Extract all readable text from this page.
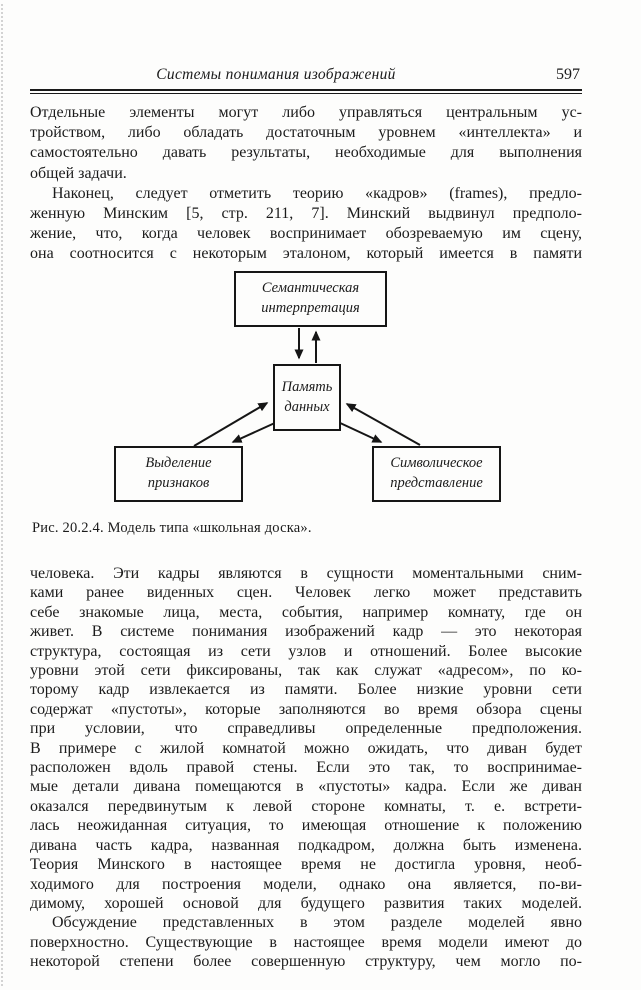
Системы понимания изображений	597
Отдельные элементы могут либо управляться центральным ус-
тройством, либо обладать достаточным уровнем «интеллекта» и
самостоятельно давать результаты, необходимые для выполнения
общей задачи.
Наконец, следует отметить теорию «кадров» (frames), предло-
женную Минским [5, стр. 211, 7]. Минский выдвинул предполо-
жение, что, когда человек воспринимает обозреваемую им сцену,
она соотносится с некоторым эталоном, который имеется в памяти
Семантическая интерпретация
Память данных
Выделение признаков
Символическое представление
Рис. 20.2.4. Модель типа «школьная доска».
человека. Эти кадры являются в сущности моментальными сним-
ками ранее виденных сцен. Человек легко может представить
себе знакомые лица, места, события, например комнату, где он
живет. В системе понимания изображений кадр — это некоторая
структура, состоящая из сети узлов и отношений. Более высокие
уровни этой сети фиксированы, так как служат «адресом», по ко-
торому кадр извлекается из памяти. Более низкие уровни сети
содержат «пустоты», которые заполняются во время обзора сцены
при условии, что справедливы определенные предположения.
В примере с жилой комнатой можно ожидать, что диван будет
расположен вдоль правой стены. Если это так, то воспринимае-
мые детали дивана помещаются в «пустоты» кадра. Если же диван
оказался передвинутым к левой стороне комнаты, т. е. встрети-
лась неожиданная ситуация, то имеющая отношение к положению
дивана часть кадра, названная подкадром, должна быть изменена.
Теория Минского в настоящее время не достигла уровня, необ-
ходимого для построения модели, однако она является, по-ви-
димому, хорошей основой для будущего развития таких моделей.
Обсуждение представленных в этом разделе моделей явно
поверхностно. Существующие в настоящее время модели имеют до
некоторой степени более совершенную структуру, чем могло по-
